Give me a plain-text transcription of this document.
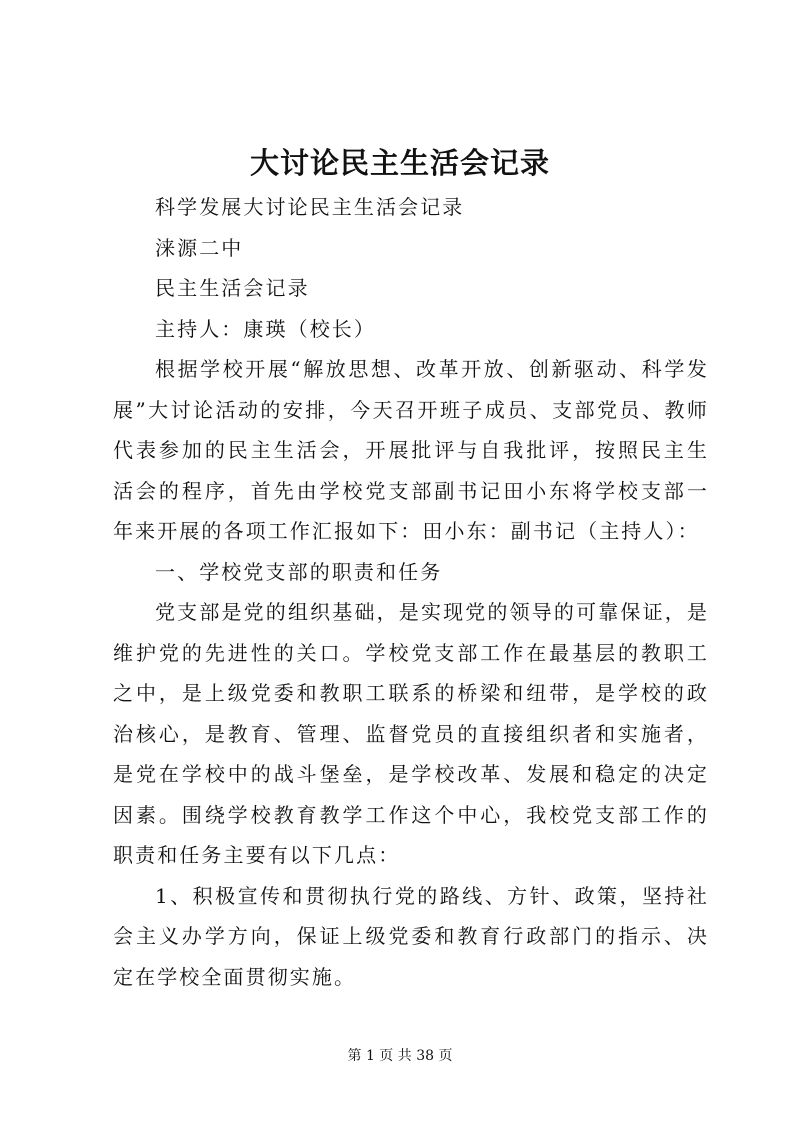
大讨论民主生活会记录

科学发展大讨论民主生活会记录

涞源二中

民主生活会记录

主持人：康瑛（校长）

根据学校开展“解放思想、改革开放、创新驱动、科学发展”大讨论活动的安排，今天召开班子成员、支部党员、教师代表参加的民主生活会，开展批评与自我批评，按照民主生活会的程序，首先由学校党支部副书记田小东将学校支部一年来开展的各项工作汇报如下：田小东：副书记（主持人）：

一、学校党支部的职责和任务

党支部是党的组织基础，是实现党的领导的可靠保证，是维护党的先进性的关口。学校党支部工作在最基层的教职工之中，是上级党委和教职工联系的桥梁和纽带，是学校的政治核心，是教育、管理、监督党员的直接组织者和实施者，是党在学校中的战斗堡垒，是学校改革、发展和稳定的决定因素。围绕学校教育教学工作这个中心，我校党支部工作的职责和任务主要有以下几点：

1、积极宣传和贯彻执行党的路线、方针、政策，坚持社会主义办学方向，保证上级党委和教育行政部门的指示、决定在学校全面贯彻实施。

第 1 页 共 38 页
